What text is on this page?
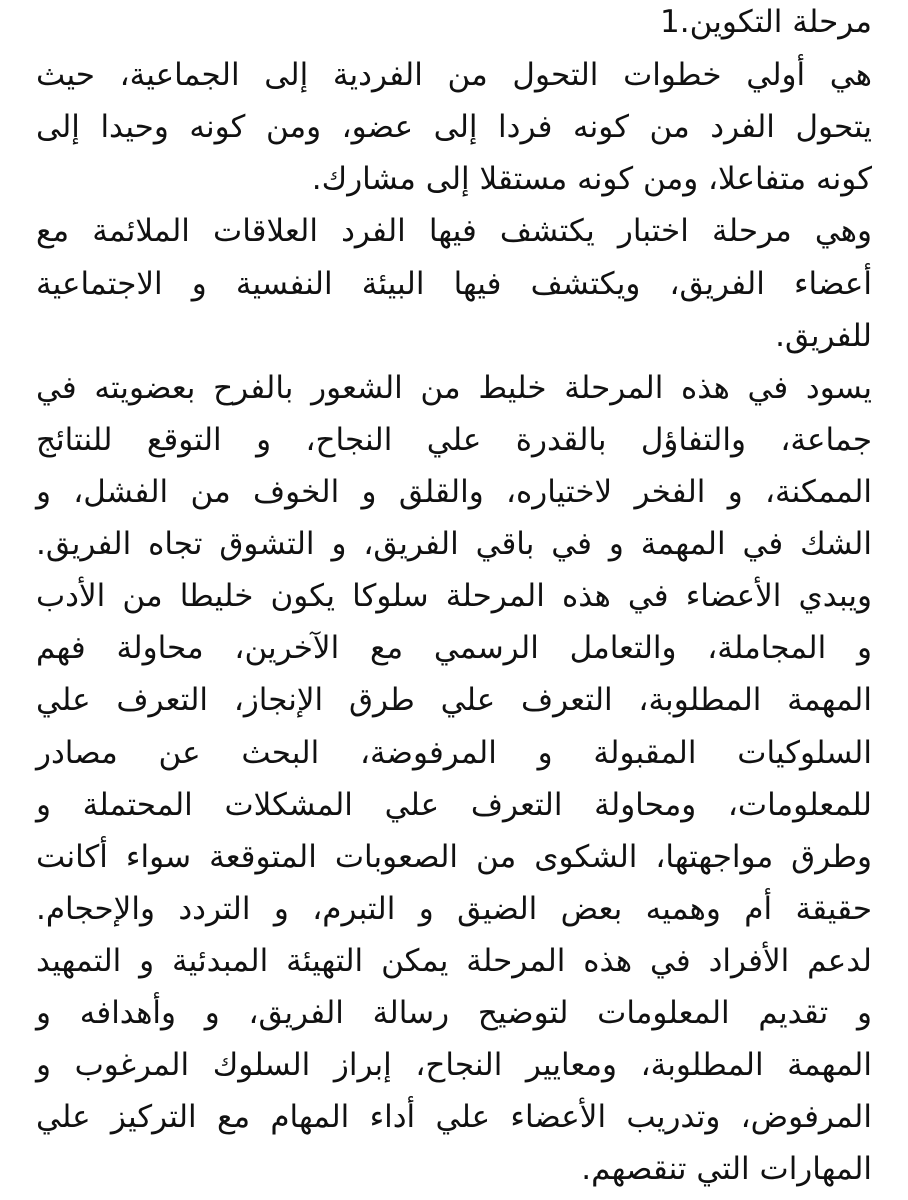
1.مرحلة التكوين
هي أولي خطوات التحول من الفردية إلى الجماعية، حيث
يتحول الفرد من كونه فردا إلى عضو، ومن كونه وحيدا إلى
كونه متفاعلا، ومن كونه مستقلا إلى مشارك.
وهي مرحلة اختبار يكتشف فيها الفرد العلاقات الملائمة مع
أعضاء الفريق، ويكتشف فيها البيئة النفسية و الاجتماعية
للفريق.
يسود في هذه المرحلة خليط من الشعور بالفرح بعضويته في
جماعة، والتفاؤل بالقدرة علي النجاح، و التوقع للنتائج
الممكنة، و الفخر لاختياره، والقلق و الخوف من الفشل، و
الشك في المهمة و في باقي الفريق، و التشوق تجاه الفريق.
ويبدي الأعضاء في هذه المرحلة سلوكا يكون خليطا من الأدب
و المجاملة، والتعامل الرسمي مع الآخرين، محاولة فهم
المهمة المطلوبة، التعرف علي طرق الإنجاز، التعرف علي
السلوكيات المقبولة و المرفوضة، البحث عن مصادر
للمعلومات، ومحاولة التعرف علي المشكلات المحتملة و
وطرق مواجهتها، الشكوى من الصعوبات المتوقعة سواء أكانت
حقيقة أم وهميه بعض الضيق و التبرم، و التردد والإحجام.
لدعم الأفراد في هذه المرحلة يمكن التهيئة المبدئية و التمهيد
و تقديم المعلومات لتوضيح رسالة الفريق، و وأهدافه و
المهمة المطلوبة، ومعايير النجاح، إبراز السلوك المرغوب و
المرفوض، وتدريب الأعضاء علي أداء المهام مع التركيز علي
المهارات التي تنقصهم.
